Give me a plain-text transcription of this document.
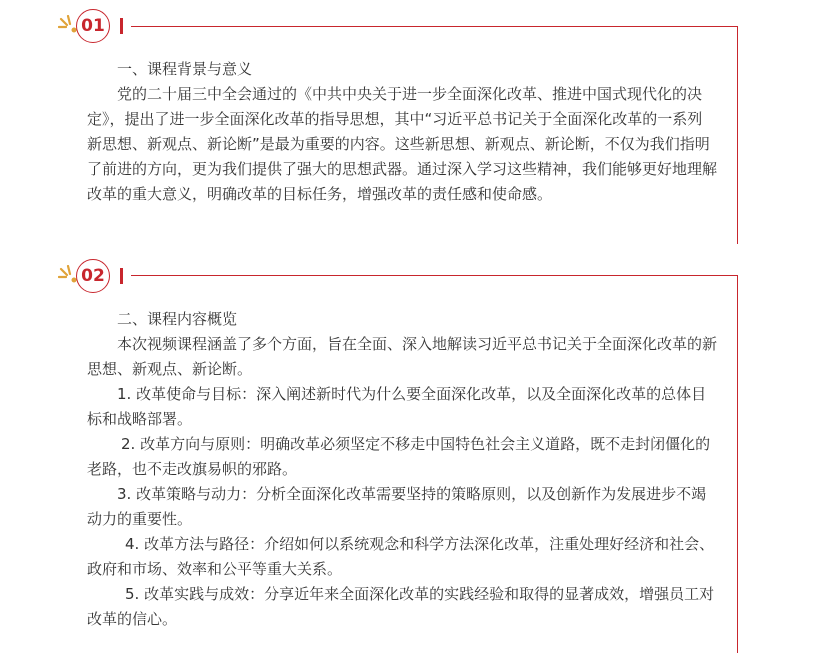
01

一、课程背景与意义

党的二十届三中全会通过的《中共中央关于进一步全面深化改革、推进中国式现代化的决定》，提出了进一步全面深化改革的指导思想，其中“习近平总书记关于全面深化改革的一系列新思想、新观点、新论断”是最为重要的内容。这些新思想、新观点、新论断，不仅为我们指明了前进的方向，更为我们提供了强大的思想武器。通过深入学习这些精神，我们能够更好地理解改革的重大意义，明确改革的目标任务，增强改革的责任感和使命感。

02

二、课程内容概览

本次视频课程涵盖了多个方面，旨在全面、深入地解读习近平总书记关于全面深化改革的新思想、新观点、新论断。

1. 改革使命与目标：深入阐述新时代为什么要全面深化改革，以及全面深化改革的总体目标和战略部署。

2. 改革方向与原则：明确改革必须坚定不移走中国特色社会主义道路，既不走封闭僵化的老路，也不走改旗易帜的邪路。

3. 改革策略与动力：分析全面深化改革需要坚持的策略原则，以及创新作为发展进步不竭动力的重要性。

4. 改革方法与路径：介绍如何以系统观念和科学方法深化改革，注重处理好经济和社会、政府和市场、效率和公平等重大关系。

5. 改革实践与成效：分享近年来全面深化改革的实践经验和取得的显著成效，增强员工对改革的信心。
